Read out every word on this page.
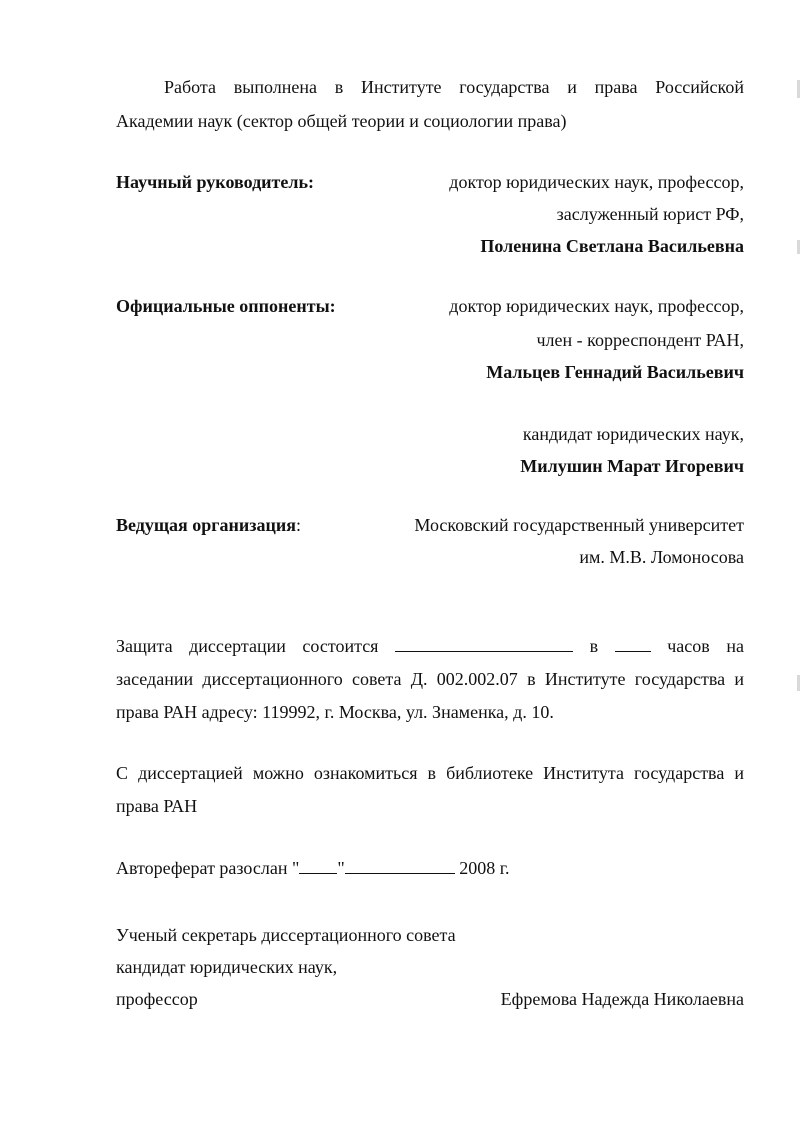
Работа выполнена в Институте государства и права Российской
Академии наук (сектор общей теории и социологии права)
Научный руководитель:	доктор юридических наук, профессор,
заслуженный юрист РФ,
Поленина Светлана Васильевна
Официальные оппоненты:	доктор юридических наук, профессор,
член - корреспондент РАН,
Мальцев Геннадий Васильевич
кандидат юридических наук,
Милушин Марат Игоревич
Ведущая организация:	Московский государственный университет
им. М.В. Ломоносова
Защита диссертации состоится	в	часов на
заседании диссертационного совета Д. 002.002.07 в Институте государства и
права РАН адресу: 119992, г. Москва, ул. Знаменка, д. 10.
С диссертацией можно ознакомиться в библиотеке Института государства и
права РАН
Автореферат разослан " "	2008 г.
Ученый секретарь диссертационного совета
кандидат юридических наук,
профессор	Ефремова Надежда Николаевна
